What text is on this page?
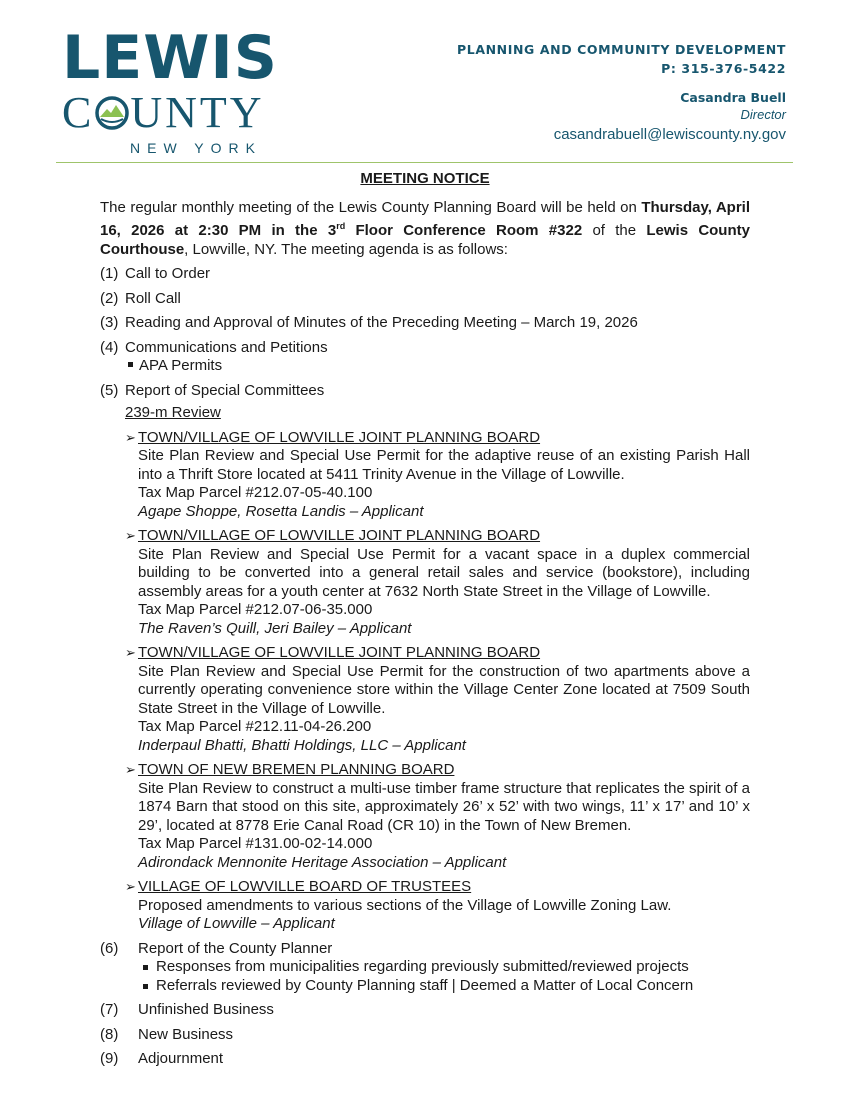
LEWIS
C UNTY
NEW YORK
PLANNING AND COMMUNITY DEVELOPMENT
P: 315-376-5422
Casandra Buell
Director
casandrabuell@lewiscounty.ny.gov
MEETING NOTICE
The regular monthly meeting of the Lewis County Planning Board will be held on Thursday, April 16, 2026 at 2:30 PM in the 3rd Floor Conference Room #322 of the Lewis County Courthouse, Lowville, NY. The meeting agenda is as follows:
(1) Call to Order
(2) Roll Call
(3) Reading and Approval of Minutes of the Preceding Meeting – March 19, 2026
(4) Communications and Petitions
APA Permits
(5) Report of Special Committees
239-m Review
➢ TOWN/VILLAGE OF LOWVILLE JOINT PLANNING BOARD
Site Plan Review and Special Use Permit for the adaptive reuse of an existing Parish Hall into a Thrift Store located at 5411 Trinity Avenue in the Village of Lowville.
Tax Map Parcel #212.07-05-40.100
Agape Shoppe, Rosetta Landis – Applicant
➢ TOWN/VILLAGE OF LOWVILLE JOINT PLANNING BOARD
Site Plan Review and Special Use Permit for a vacant space in a duplex commercial building to be converted into a general retail sales and service (bookstore), including assembly areas for a youth center at 7632 North State Street in the Village of Lowville.
Tax Map Parcel #212.07-06-35.000
The Raven’s Quill, Jeri Bailey – Applicant
➢ TOWN/VILLAGE OF LOWVILLE JOINT PLANNING BOARD
Site Plan Review and Special Use Permit for the construction of two apartments above a currently operating convenience store within the Village Center Zone located at 7509 South State Street in the Village of Lowville.
Tax Map Parcel #212.11-04-26.200
Inderpaul Bhatti, Bhatti Holdings, LLC – Applicant
➢ TOWN OF NEW BREMEN PLANNING BOARD
Site Plan Review to construct a multi-use timber frame structure that replicates the spirit of a 1874 Barn that stood on this site, approximately 26’ x 52’ with two wings, 11’ x 17’ and 10’ x 29’, located at 8778 Erie Canal Road (CR 10) in the Town of New Bremen.
Tax Map Parcel #131.00-02-14.000
Adirondack Mennonite Heritage Association – Applicant
➢ VILLAGE OF LOWVILLE BOARD OF TRUSTEES
Proposed amendments to various sections of the Village of Lowville Zoning Law.
Village of Lowville – Applicant
(6) Report of the County Planner
Responses from municipalities regarding previously submitted/reviewed projects
Referrals reviewed by County Planning staff | Deemed a Matter of Local Concern
(7) Unfinished Business
(8) New Business
(9) Adjournment
